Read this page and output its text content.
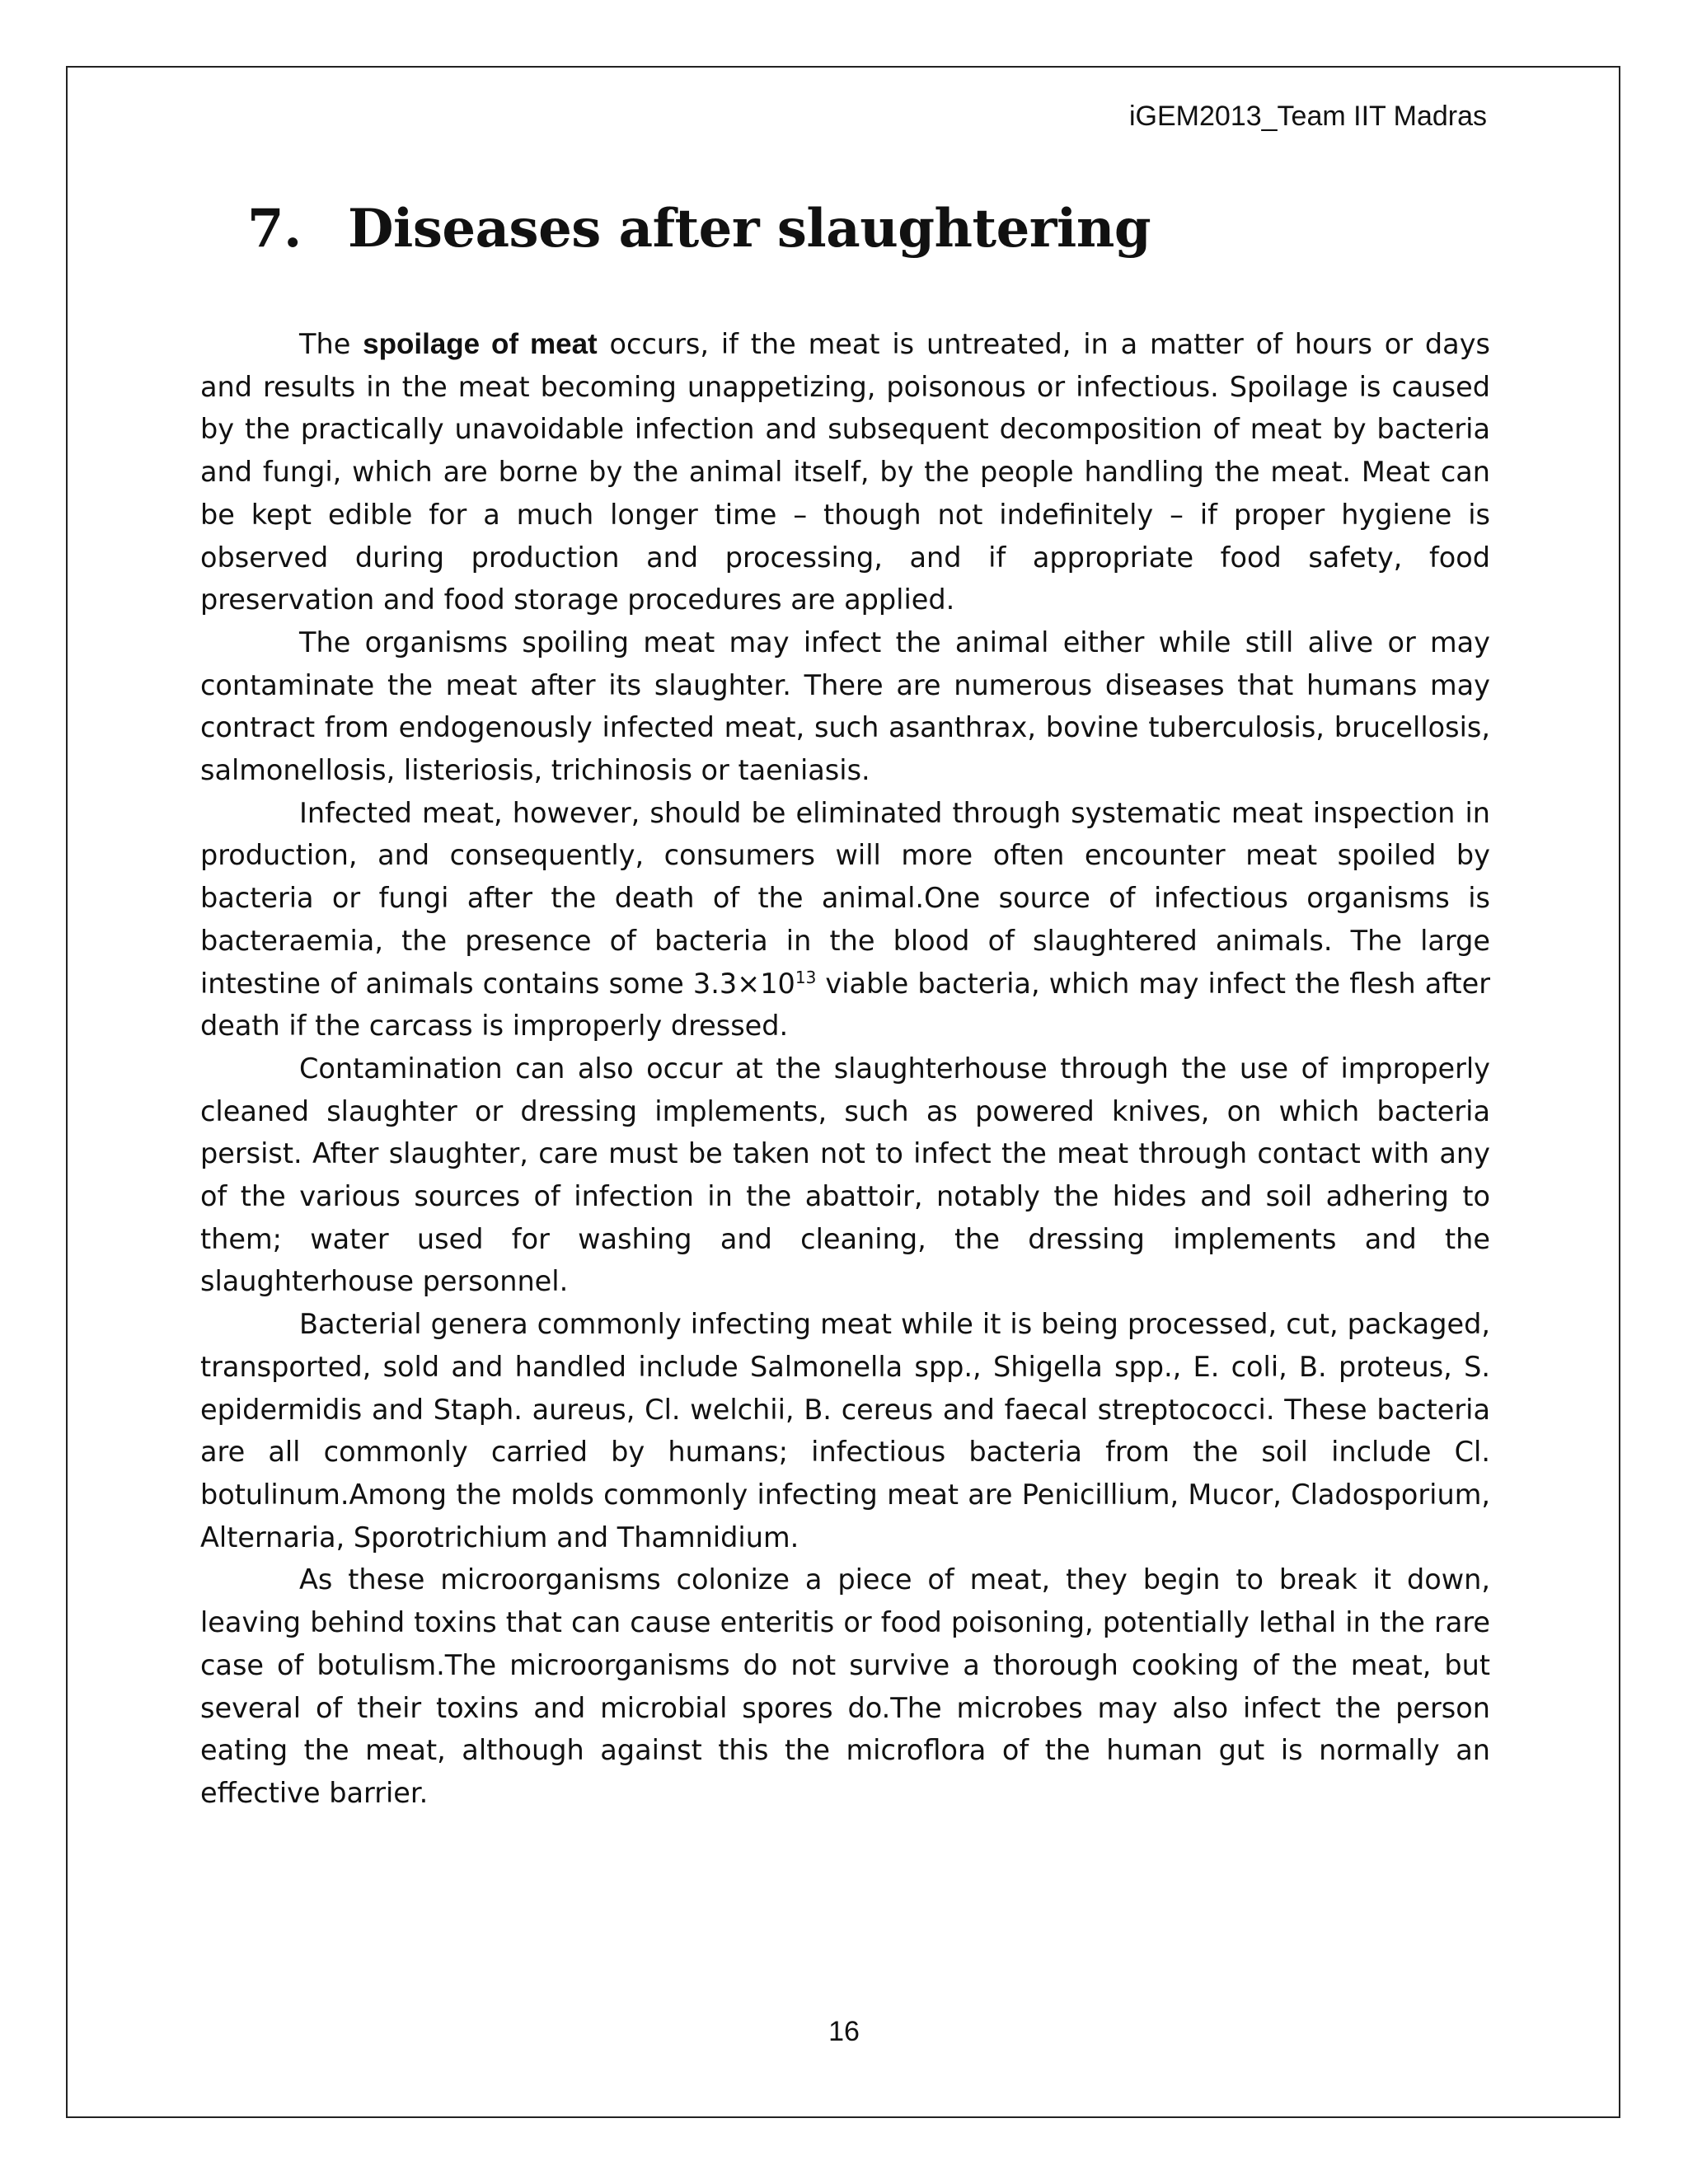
iGEM2013_Team IIT Madras
7. Diseases after slaughtering

The spoilage of meat occurs, if the meat is untreated, in a matter of hours or days and results in the meat becoming unappetizing, poisonous or infectious. Spoilage is caused by the practically unavoidable infection and subsequent decomposition of meat by bacteria and fungi, which are borne by the animal itself, by the people handling the meat. Meat can be kept edible for a much longer time – though not indefinitely – if proper hygiene is observed during production and processing, and if appropriate food safety, food preservation and food storage procedures are applied.

The organisms spoiling meat may infect the animal either while still alive or may contaminate the meat after its slaughter. There are numerous diseases that humans may contract from endogenously infected meat, such asanthrax, bovine tuberculosis, brucellosis, salmonellosis, listeriosis, trichinosis or taeniasis.

Infected meat, however, should be eliminated through systematic meat inspection in production, and consequently, consumers will more often encounter meat spoiled by bacteria or fungi after the death of the animal.One source of infectious organisms is bacteraemia, the presence of bacteria in the blood of slaughtered animals. The large intestine of animals contains some $3.3\times 10^{13}$ viable bacteria, which may infect the flesh after death if the carcass is improperly dressed.

Contamination can also occur at the slaughterhouse through the use of improperly cleaned slaughter or dressing implements, such as powered knives, on which bacteria persist. After slaughter, care must be taken not to infect the meat through contact with any of the various sources of infection in the abattoir, notably the hides and soil adhering to them; water used for washing and cleaning, the dressing implements and the slaughterhouse personnel.

Bacterial genera commonly infecting meat while it is being processed, cut, packaged, transported, sold and handled include Salmonella spp., Shigella spp., E. coli, B. proteus, S. epidermidis and Staph. aureus, Cl. welchii, B. cereus and faecal streptococci. These bacteria are all commonly carried by humans; infectious bacteria from the soil include Cl. botulinum.Among the molds commonly infecting meat are Penicillium, Mucor, Cladosporium, Alternaria, Sporotrichium and Thamnidium.

As these microorganisms colonize a piece of meat, they begin to break it down, leaving behind toxins that can cause enteritis or food poisoning, potentially lethal in the rare case of botulism.The microorganisms do not survive a thorough cooking of the meat, but several of their toxins and microbial spores do.The microbes may also infect the person eating the meat, although against this the microflora of the human gut is normally an effective barrier.

16
